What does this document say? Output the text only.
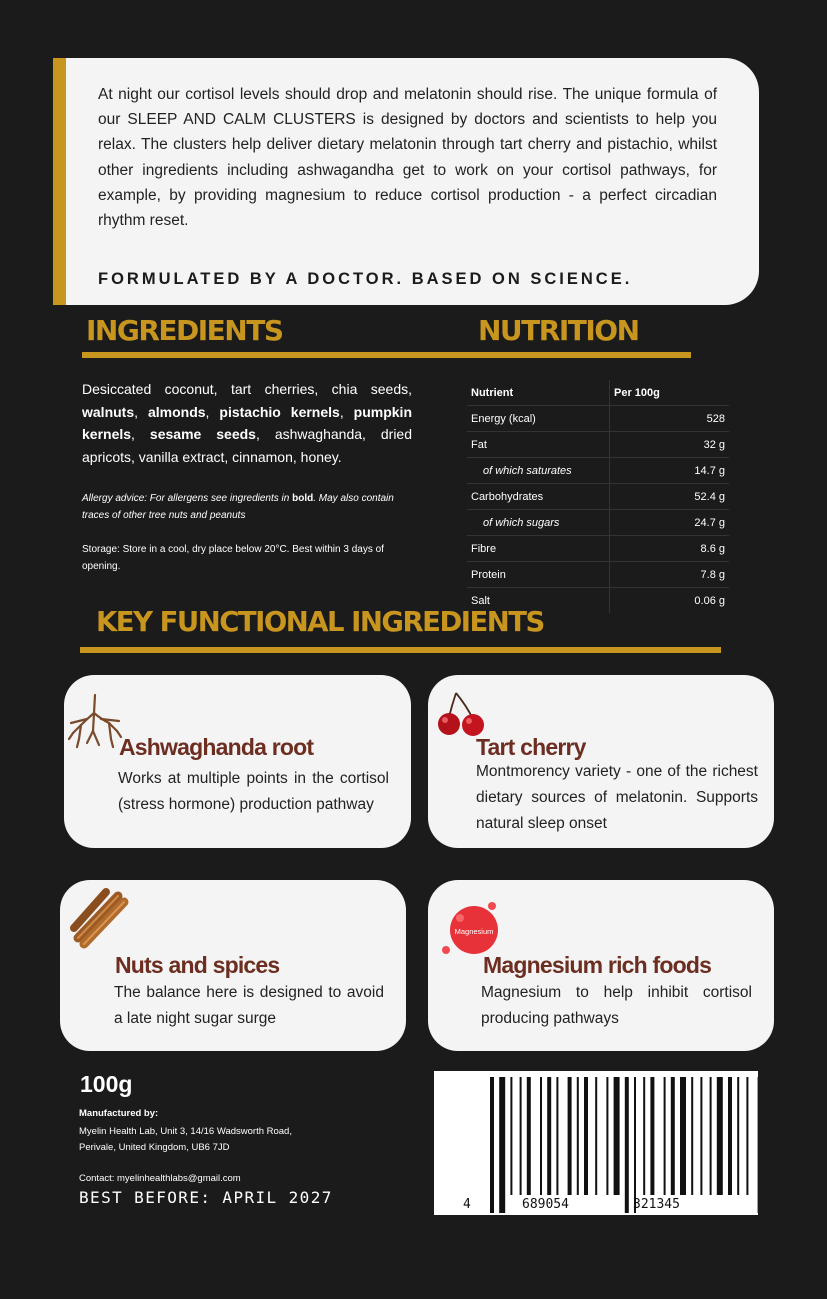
At night our cortisol levels should drop and melatonin should rise. The unique formula of our SLEEP AND CALM CLUSTERS is designed by doctors and scientists to help you relax. The clusters help deliver dietary melatonin through tart cherry and pistachio, whilst other ingredients including ashwagandha get to work on your cortisol pathways, for example, by providing magnesium to reduce cortisol production - a perfect circadian rhythm reset.
FORMULATED BY A DOCTOR. BASED ON SCIENCE.
INGREDIENTS	NUTRITION
Desiccated coconut, tart cherries, chia seeds, walnuts, almonds, pistachio kernels, pumpkin kernels, sesame seeds, ashwaghanda, dried apricots, vanilla extract, cinnamon, honey.
Allergy advice: For allergens see ingredients in bold. May also contain traces of other tree nuts and peanuts
Storage: Store in a cool, dry place below 20°C. Best within 3 days of opening.
Nutrient	Per 100g
Energy (kcal)	528
Fat	32 g
of which saturates	14.7 g
Carbohydrates	52.4 g
of which sugars	24.7 g
Fibre	8.6 g
Protein	7.8 g
Salt	0.06 g
KEY FUNCTIONAL INGREDIENTS
Ashwaghanda root
Works at multiple points in the cortisol (stress hormone) production pathway
Tart cherry
Montmorency variety - one of the richest dietary sources of melatonin. Supports natural sleep onset
Nuts and spices
The balance here is designed to avoid a late night sugar surge
Magnesium
Magnesium rich foods
Magnesium to help inhibit cortisol producing pathways
100g
Manufactured by:
Myelin Health Lab, Unit 3, 14/16 Wadsworth Road, Perivale, United Kingdom, UB6 7JD
Contact: myelinhealthlabs@gmail.com
BEST BEFORE: APRIL 2027	4	689054	321345
